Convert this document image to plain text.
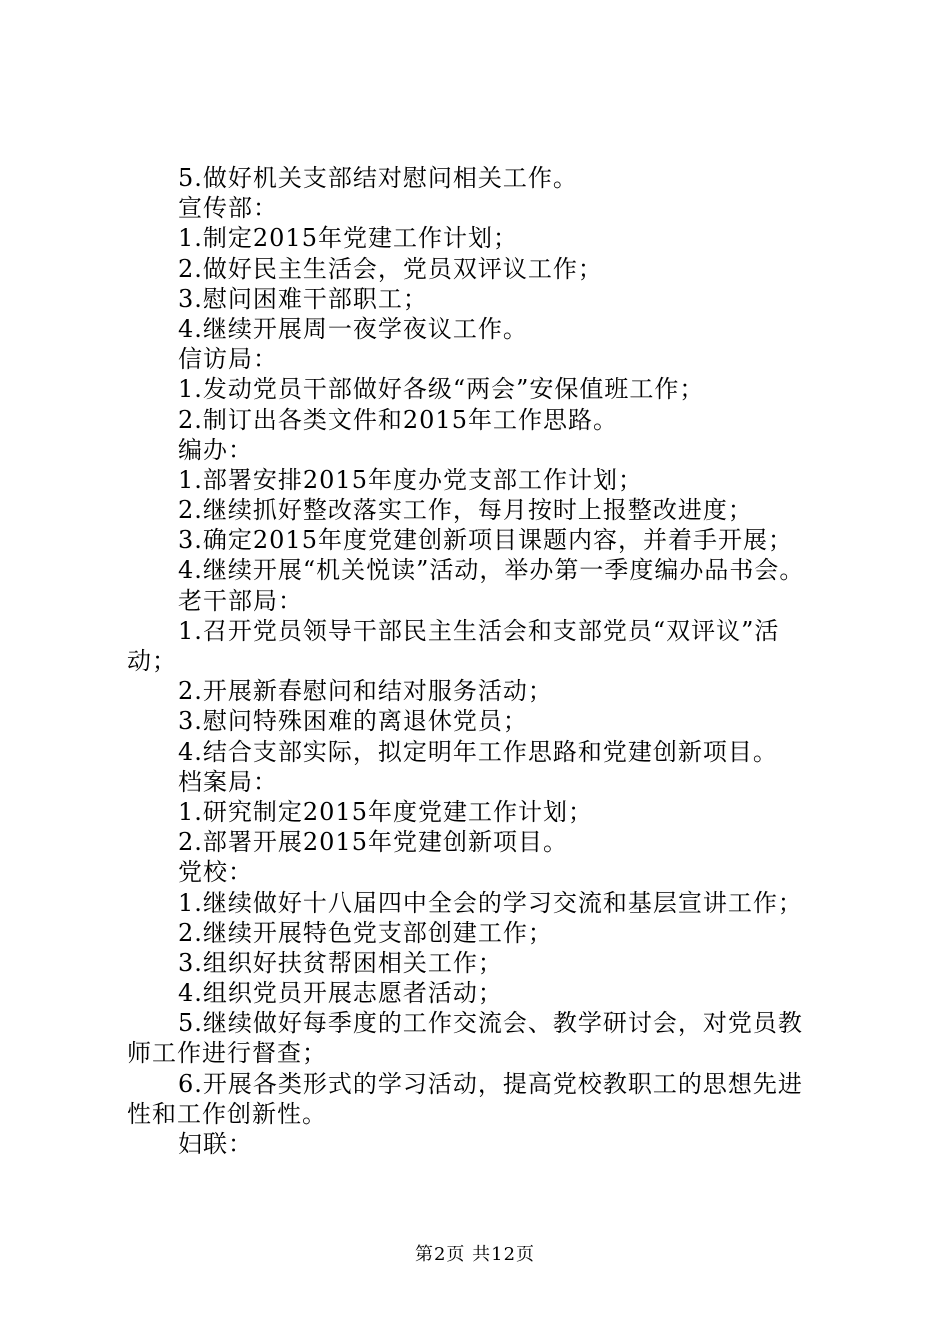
5.做好机关支部结对慰问相关工作。
宣传部：
1.制定2015年党建工作计划；
2.做好民主生活会，党员双评议工作；
3.慰问困难干部职工；
4.继续开展周一夜学夜议工作。
信访局：
1.发动党员干部做好各级“两会”安保值班工作；
2.制订出各类文件和2015年工作思路。
编办：
1.部署安排2015年度办党支部工作计划；
2.继续抓好整改落实工作，每月按时上报整改进度；
3.确定2015年度党建创新项目课题内容，并着手开展；
4.继续开展“机关悦读”活动，举办第一季度编办品书会。
老干部局：
1.召开党员领导干部民主生活会和支部党员“双评议”活
动；
2.开展新春慰问和结对服务活动；
3.慰问特殊困难的离退休党员；
4.结合支部实际，拟定明年工作思路和党建创新项目。
档案局：
1.研究制定2015年度党建工作计划；
2.部署开展2015年党建创新项目。
党校：
1.继续做好十八届四中全会的学习交流和基层宣讲工作；
2.继续开展特色党支部创建工作；
3.组织好扶贫帮困相关工作；
4.组织党员开展志愿者活动；
5.继续做好每季度的工作交流会、教学研讨会，对党员教
师工作进行督查；
6.开展各类形式的学习活动，提高党校教职工的思想先进
性和工作创新性。
妇联：
第2页 共12页
